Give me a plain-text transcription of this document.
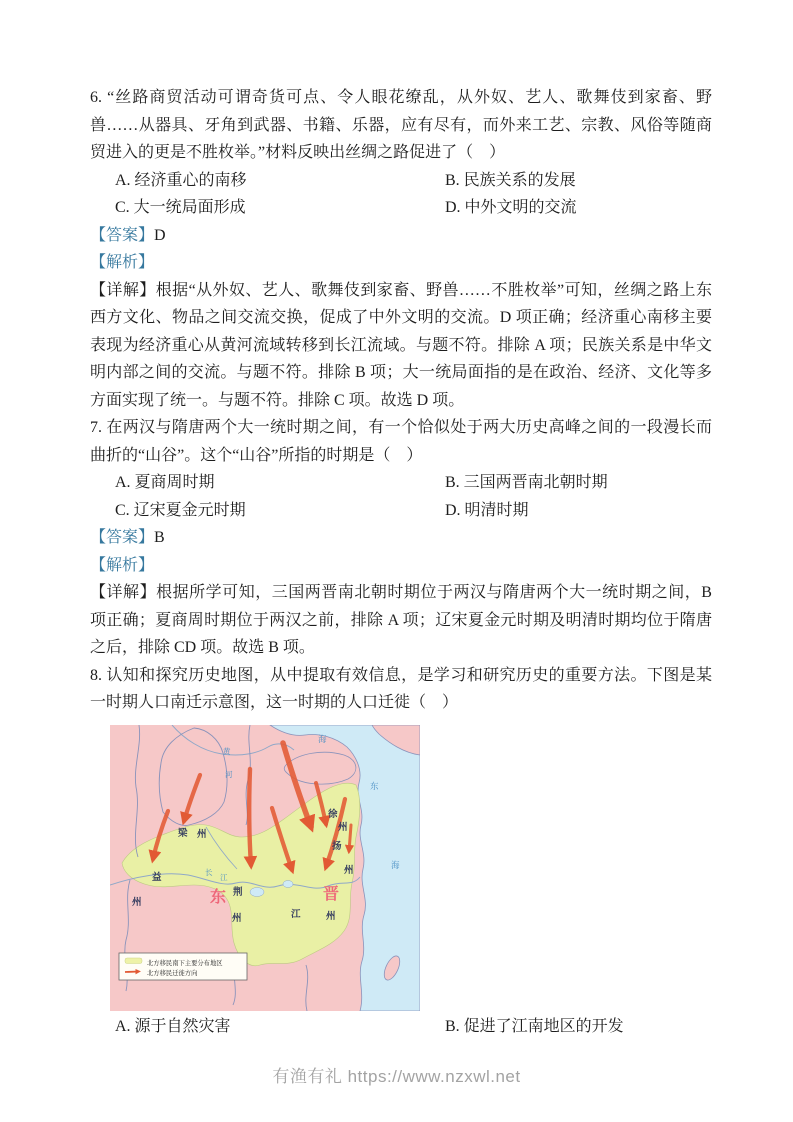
6. “丝路商贸活动可谓奇货可点、令人眼花缭乱，从外奴、艺人、歌舞伎到家畜、野兽……从器具、牙角到武器、书籍、乐器，应有尽有，而外来工艺、宗教、风俗等随商贸进入的更是不胜枚举。”材料反映出丝绸之路促进了（　）

A. 经济重心的南移	B. 民族关系的发展
C. 大一统局面形成	D. 中外文明的交流

【答案】D

【解析】

【详解】根据“从外奴、艺人、歌舞伎到家畜、野兽……不胜枚举”可知，丝绸之路上东西方文化、物品之间交流交换，促成了中外文明的交流。D 项正确；经济重心南移主要表现为经济重心从黄河流域转移到长江流域。与题不符。排除 A 项；民族关系是中华文明内部之间的交流。与题不符。排除 B 项；大一统局面指的是在政治、经济、文化等多方面实现了统一。与题不符。排除 C 项。故选 D 项。

7. 在两汉与隋唐两个大一统时期之间，有一个恰似处于两大历史高峰之间的一段漫长而曲折的“山谷”。这个“山谷”所指的时期是（　）

A. 夏商周时期	B. 三国两晋南北朝时期
C. 辽宋夏金元时期	D. 明清时期

【答案】B

【解析】

【详解】根据所学可知，三国两晋南北朝时期位于两汉与隋唐两个大一统时期之间，B 项正确；夏商周时期位于两汉之前，排除 A 项；辽宋夏金元时期及明清时期均位于隋唐之后，排除 CD 项。故选 B 项。

8. 认知和探究历史地图，从中提取有效信息，是学习和研究历史的重要方法。下图是某一时期人口南迁示意图，这一时期的人口迁徙（　）

东	晋
梁 州
益
州
荆
州	江	州
徐
州
扬
州
海
东
海
黄
河
长
江
北方移民南下主要分布地区
北方移民迁徙方向
A. 源于自然灾害	B. 促进了江南地区的开发
有渔有礼 https://www.nzxwl.net
